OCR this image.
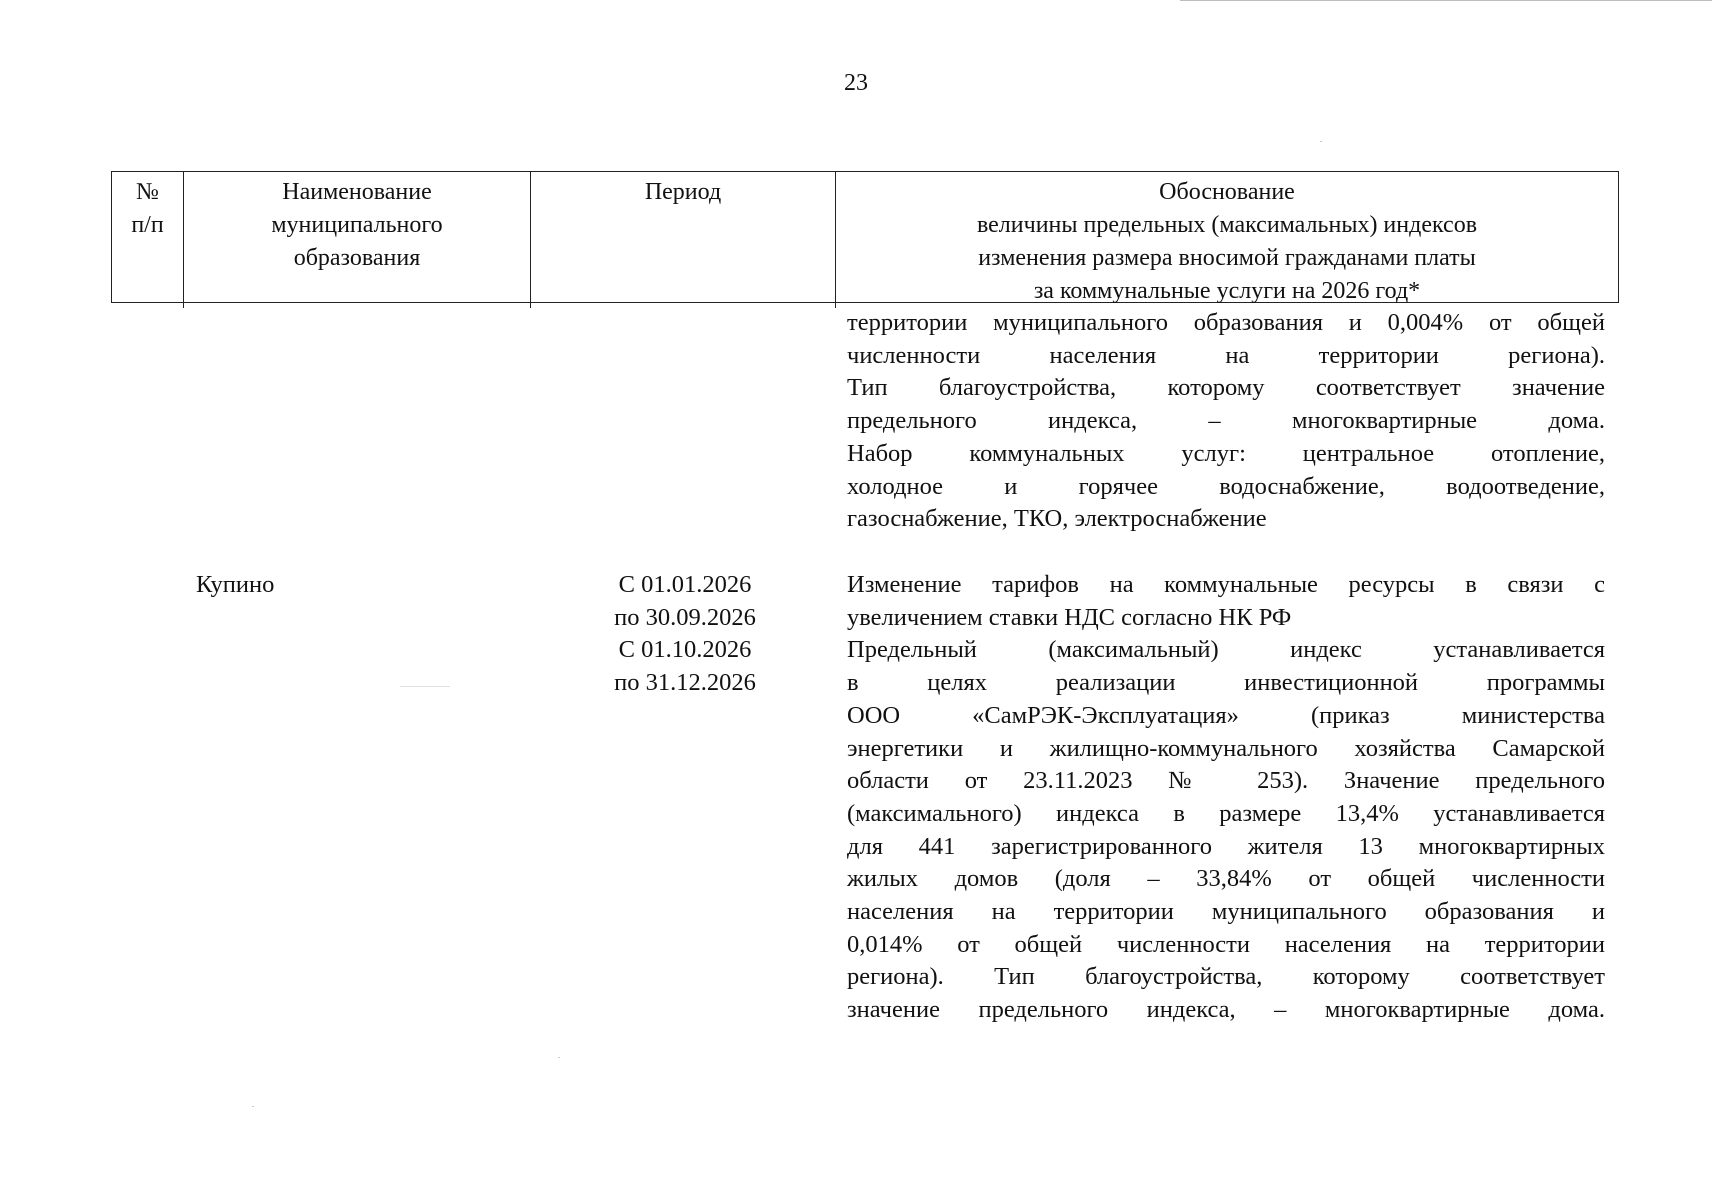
23
№
п/п
Наименование
муниципального
образования
Период	Обоснование
величины предельных (максимальных) индексов
изменения размера вносимой гражданами платы
за коммунальные услуги на 2026 год*
территории муниципального образования и 0,004% от общей
численности населения на территории региона).
Тип благоустройства, которому соответствует значение
предельного индекса, – многоквартирные дома.
Набор коммунальных услуг: центральное отопление,
холодное и горячее водоснабжение, водоотведение,
газоснабжение, ТКО, электроснабжение
Купино	С 01.01.2026
по 30.09.2026
С 01.10.2026
по 31.12.2026
Изменение тарифов на коммунальные ресурсы в связи с
увеличением ставки НДС согласно НК РФ
Предельный (максимальный) индекс устанавливается
в целях реализации инвестиционной программы
ООО «СамРЭК-Эксплуатация» (приказ министерства
энергетики и жилищно-коммунального хозяйства Самарской
области от 23.11.2023 № 253). Значение предельного
(максимального) индекса в размере 13,4% устанавливается
для 441 зарегистрированного жителя 13 многоквартирных
жилых домов (доля – 33,84% от общей численности
населения на территории муниципального образования и
0,014% от общей численности населения на территории
региона). Тип благоустройства, которому соответствует
значение предельного индекса, – многоквартирные дома.
